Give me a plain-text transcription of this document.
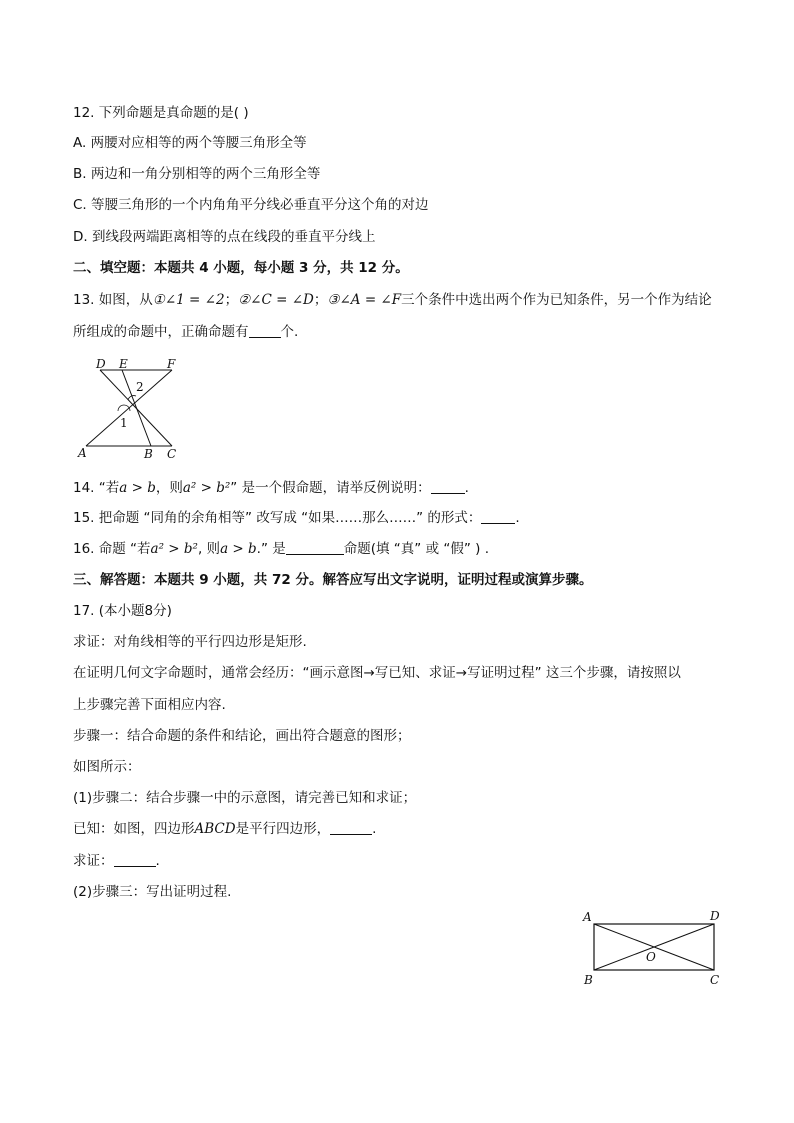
12. 下列命题是真命题的是( )
A. 两腰对应相等的两个等腰三角形全等
B. 两边和一角分别相等的两个三角形全等
C. 等腰三角形的一个内角角平分线必垂直平分这个角的对边
D. 到线段两端距离相等的点在线段的垂直平分线上
二、填空题：本题共 4 小题，每小题 3 分，共 12 分。
13. 如图，从①∠1 = ∠2；②∠C = ∠D；③∠A = ∠F三个条件中选出两个作为已知条件，另一个作为结论
所组成的命题中，正确命题有 个.
D E	F
A	B C
1
2
14. “若a > b，则a² > b²” 是一个假命题，请举反例说明：	.
15. 把命题 “同角的余角相等” 改写成 “如果……那么……” 的形式：	.
16. 命题 “若a² > b², 则a > b.” 是	命题(填 “真” 或 “假” ) .
三、解答题：本题共 9 小题，共 72 分。解答应写出文字说明，证明过程或演算步骤。
17. (本小题8分)
求证：对角线相等的平行四边形是矩形.
在证明几何文字命题时，通常会经历：“画示意图→写已知、求证→写证明过程” 这三个步骤，请按照以
上步骤完善下面相应内容.
步骤一：结合命题的条件和结论，画出符合题意的图形；
如图所示：
(1)步骤二：结合步骤一中的示意图，请完善已知和求证；
已知：如图，四边形ABCD是平行四边形，	.
求证：	.
(2)步骤三：写出证明过程.
A	D
B	C
O
